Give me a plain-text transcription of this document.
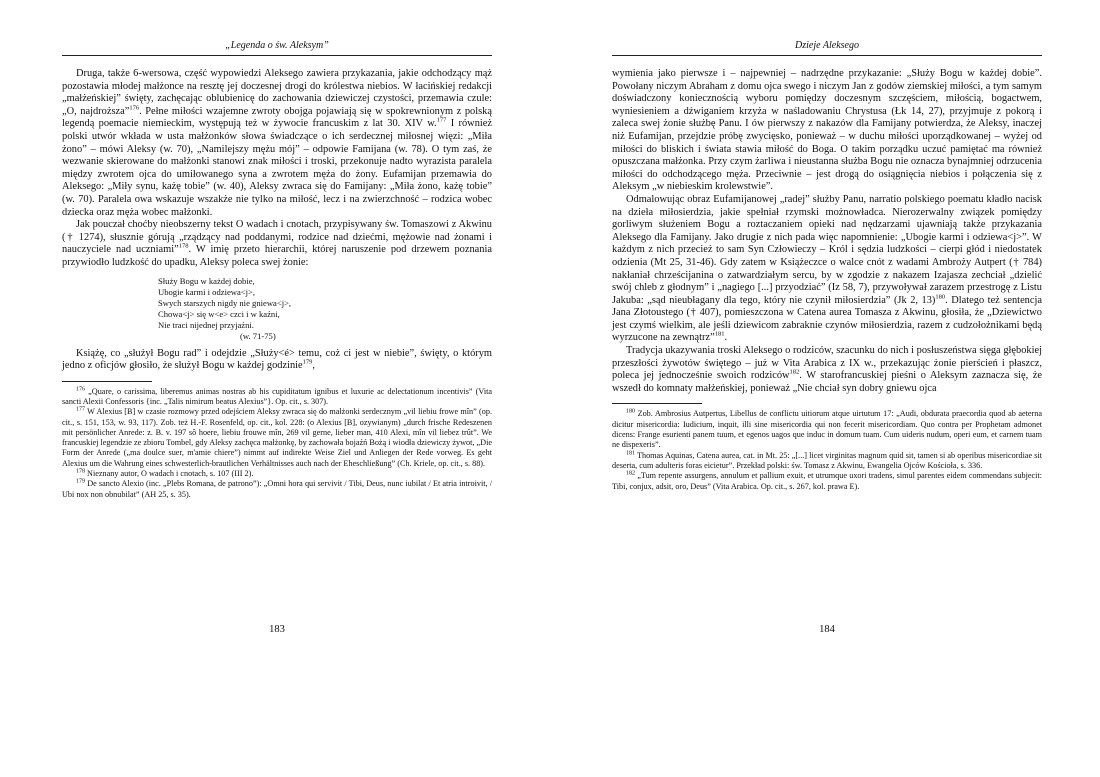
„Legenda o św. Aleksym”

Druga, także 6-wersowa, część wypowiedzi Aleksego zawiera przykazania, jakie odchodzący mąż pozostawia młodej małżonce na resztę jej doczesnej drogi do królestwa niebios. W łacińskiej redakcji „małżeńskiej” święty, zachęcając oblubienicę do zachowania dziewiczej czystości, przemawia czule: „O, najdroższa”$^{176}$. Pełne miłości wzajemne zwroty obojga pojawiają się w spokrewnionym z polską legendą poemacie niemieckim, występują też w żywocie francuskim z lat 30. XIV w.$^{177}$ I również polski utwór wkłada w usta małżonków słowa świadczące o ich serdecznej miłosnej więzi: „Miła żono” – mówi Aleksy (w. 70), „Namilejszy mężu mój” – odpowie Famijana (w. 78). O tym zaś, że wezwanie skierowane do małżonki stanowi znak miłości i troski, przekonuje nadto wyrazista paralela między zwrotem ojca do umiłowanego syna a zwrotem męża do żony. Eufamijan przemawia do Aleksego: „Miły synu, każę tobie” (w. 40), Aleksy zwraca się do Famijany: „Miła żono, każę tobie” (w. 70). Paralela owa wskazuje wszakże nie tylko na miłość, lecz i na zwierzchność – rodzica wobec dziecka oraz męża wobec małżonki.

Jak pouczał choćby nieobszerny tekst O wadach i cnotach, przypisywany św. Tomaszowi z Akwinu († 1274), słusznie górują „rządzący nad poddanymi, rodzice nad dziećmi, mężowie nad żonami i nauczyciele nad uczniami”$^{178}$. W imię przeto hierarchii, której naruszenie pod drzewem poznania przywiodło ludzkość do upadku, Aleksy poleca swej żonie:

Służy Bogu w każdej dobie,
Ubogie karmi i odziewa<j>,
Swych starszych nigdy nie gniewa<j>,
Chowa<j> się w<e> czci i w kaźni,
Nie traci nijednej przyjaźni.
(w. 71-75)

Książę, co „służył Bogu rad” i odejdzie „Służy<é> temu, coż ci jest w niebie”, święty, o którym jedno z oficjów głosiło, że służył Bogu w każdej godzinie$^{179}$,

$^{176}$ „Quare, o carissima, liberemus animas nostras ab his cupiditatum ignibus et luxurie ac delectationum incentivis” (Vita sancti Alexii Confessoris {inc. „Talis nimirum beatus Alexius”}. Op. cit., s. 307).

$^{177}$ W Alexius [B] w czasie rozmowy przed odejściem Aleksy zwraca się do małżonki serdecznym „vil liebiu frowe mîn” (op. cit., s. 151, 153, w. 93, 117). Zob. też H.-F. Rosenfeld, op. cit., kol. 228: (o Alexius [B], ozywianym) „durch frische Redeszenen mit persönlicher Anrede: z. B. v. 197 sô hoere, liebiu frouwe mîn, 269 vil gerne, lieber man, 410 Alexi, mîn vil liebez trût”. We francuskiej legendzie ze zbioru Tombel, gdy Aleksy zachęca małżonkę, by zachowała bojaźń Bożą i wiodła dziewiczy żywot, „Die Form der Anrede („ma doulce suer, m'amie chiere”) nimmt auf indirekte Weise Ziel und Anliegen der Rede vorweg. Es geht Alexius um die Wahrung eines schwesterlich-brautlichen Verhältnisses auch nach der Eheschließung” (Ch. Kriele, op. cit., s. 88).

$^{178}$ Nieznany autor, O wadach i cnotach, s. 107 (III 2).

$^{179}$ De sancto Alexio (inc. „Plebs Romana, de patrono”): „Omni hora qui servivit / Tibi, Deus, nunc iubilat / Et atria introivit, / Ubi nox non obnubilat” (AH 25, s. 35).

183
Dzieje Aleksego

wymienia jako pierwsze i – najpewniej – nadrzędne przykazanie: „Służy Bogu w każdej dobie”. Powołany niczym Abraham z domu ojca swego i niczym Jan z godów ziemskiej miłości, a tym samym doświadczony koniecznością wyboru pomiędzy doczesnym szczęściem, miłością, bogactwem, wyniesieniem a dźwiganiem krzyża w naśladowaniu Chrystusa (Łk 14, 27), przyjmuje z pokorą i zaleca swej żonie służbę Panu. I ów pierwszy z nakazów dla Famijany potwierdza, że Aleksy, inaczej niż Eufamijan, przejdzie próbę zwycięsko, ponieważ – w duchu miłości uporządkowanej – wyżej od miłości do bliskich i świata stawia miłość do Boga. O takim porządku uczuć pamiętać ma również opuszczana małżonka. Przy czym żarliwa i nieustanna służba Bogu nie oznacza bynajmniej odrzucenia miłości do odchodzącego męża. Przeciwnie – jest drogą do osiągnięcia niebios i połączenia się z Aleksym „w niebieskim krolewstwie”.

Odmalowując obraz Eufamijanowej „radej” służby Panu, narratio polskiego poematu kładło nacisk na dzieła miłosierdzia, jakie spełniał rzymski możnowładca. Nierozerwalny związek pomiędzy gorliwym służeniem Bogu a roztaczaniem opieki nad nędzarzami ujawniają także przykazania Aleksego dla Famijany. Jako drugie z nich pada więc napomnienie: „Ubogie karmi i odziewa<j>”. W każdym z nich przecież to sam Syn Człowieczy – Król i sędzia ludzkości – cierpi głód i niedostatek odzienia (Mt 25, 31-46). Gdy zatem w Książeczce o walce cnót z wadami Ambroży Autpert († 784) nakłaniał chrześcijanina o zatwardziałym sercu, by w zgodzie z nakazem Izajasza zechciał „dzielić swój chleb z głodnym” i „nagiego [...] przyodziać” (Iz 58, 7), przywoływał zarazem przestrogę z Listu Jakuba: „sąd nieubłagany dla tego, który nie czynił miłosierdzia” (Jk 2, 13)$^{180}$. Dlatego też sentencja Jana Złotoustego († 407), pomieszczona w Catena aurea Tomasza z Akwinu, głosiła, że „Dziewictwo jest czymś wielkim, ale jeśli dziewicom zabraknie czynów miłosierdzia, razem z cudzołożnikami będą wyrzucone na zewnątrz”$^{181}$.

Tradycja ukazywania troski Aleksego o rodziców, szacunku do nich i posłuszeństwa sięga głębokiej przeszłości żywotów świętego – już w Vita Arabica z IX w., przekazując żonie pierścień i płaszcz, poleca jej jednocześnie swoich rodziców$^{182}$. W starofrancuskiej pieśni o Aleksym zaznacza się, że wszedł do komnaty małżeńskiej, ponieważ „Nie chciał syn dobry gniewu ojca

$^{180}$ Zob. Ambrosius Autpertus, Libellus de conflictu uitiorum atque uirtutum 17: „Audi, obdurata praecordia quod ab aeterna dicitur misericordia: Iudicium, inquit, illi sine misericordia qui non fecerit misericordiam. Quo contra per Prophetam admonet dicens: Frange esurienti panem tuum, et egenos uagos que induc in domum tuam. Cum uideris nudum, operi eum, et carnem tuam ne dispexeris”.

$^{181}$ Thomas Aquinas, Catena aurea, cat. in Mt. 25: „[...] licet virginitas magnum quid sit, tamen si ab operibus misericordiae sit deserta, cum adulteris foras eicietur”. Przekład polski: św. Tomasz z Akwinu, Ewangelia Ojców Kościoła, s. 336.

$^{182}$ „Tum repente assurgens, annulum et pallium exuit, et utrumque uxori tradens, simul parentes eidem commendans subjecit: Tibi, conjux, adsit, oro, Deus” (Vita Arabica. Op. cit., s. 267, kol. prawa E).

184
